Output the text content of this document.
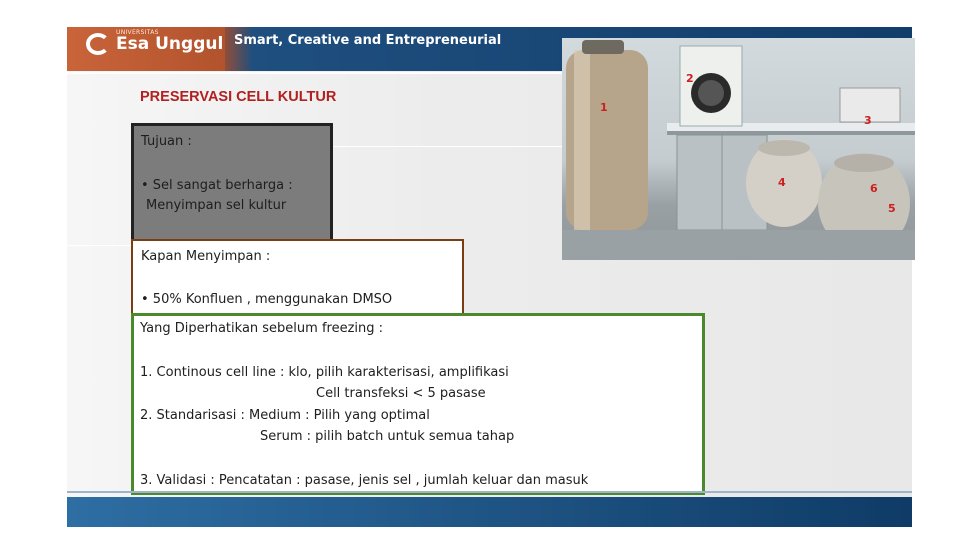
UNIVERSITAS
Esa Unggul Smart, Creative and Entrepreneurial
PRESERVASI CELL KULTUR
Tujuan :
• Sel sangat berharga :
Menyimpan sel kultur
Kapan Menyimpan :
• 50% Konfluen , menggunakan DMSO
Yang Diperhatikan sebelum freezing :
1. Continous cell line : klo, pilih karakterisasi, amplifikasi
Cell transfeksi < 5 pasase
2. Standarisasi : Medium : Pilih yang optimal
Serum : pilih batch untuk semua tahap
3. Validasi : Pencatatan : pasase, jenis sel , jumlah keluar dan masuk
1
2
3
4
5
6
